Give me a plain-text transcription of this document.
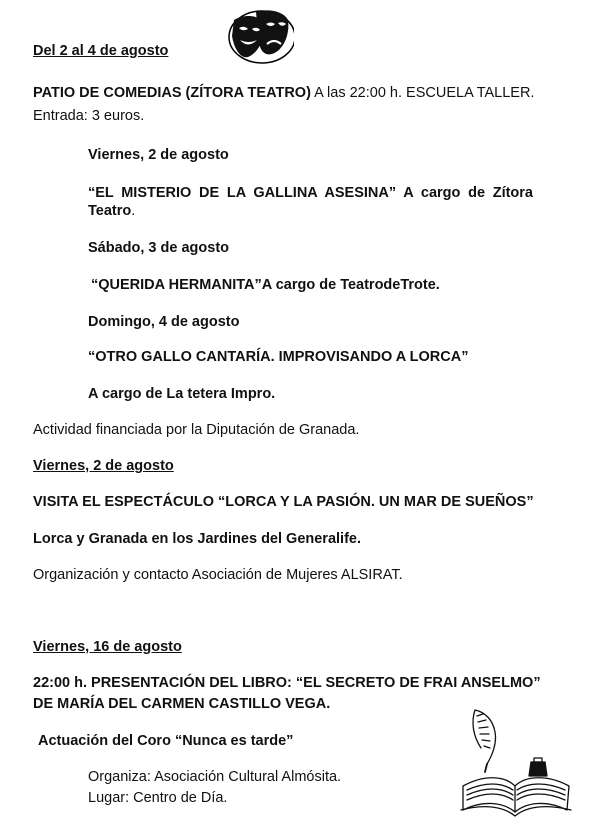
Del 2 al 4 de agosto
PATIO DE COMEDIAS (ZÍTORA TEATRO) A las 22:00 h. ESCUELA TALLER.
Entrada: 3 euros.
Viernes, 2 de agosto
“EL MISTERIO DE LA GALLINA ASESINA” A cargo de Zítora Teatro.
Sábado, 3 de agosto
“QUERIDA HERMANITA”A cargo de TeatrodeTrote.
Domingo, 4 de agosto
“OTRO GALLO CANTARÍA. IMPROVISANDO A LORCA”
A cargo de La tetera Impro.
Actividad financiada por la Diputación de Granada.
Viernes, 2 de agosto
VISITA EL ESPECTÁCULO “LORCA Y LA PASIÓN. UN MAR DE SUEÑOS”
Lorca y Granada en los Jardines del Generalife.
Organización y contacto Asociación de Mujeres ALSIRAT.
Viernes, 16 de agosto
22:00 h. PRESENTACIÓN DEL LIBRO: “EL SECRETO DE FRAI ANSELMO”
DE MARÍA DEL CARMEN CASTILLO VEGA.
Actuación del Coro “Nunca es tarde”
Organiza: Asociación Cultural Almósita.
Lugar: Centro de Día.
